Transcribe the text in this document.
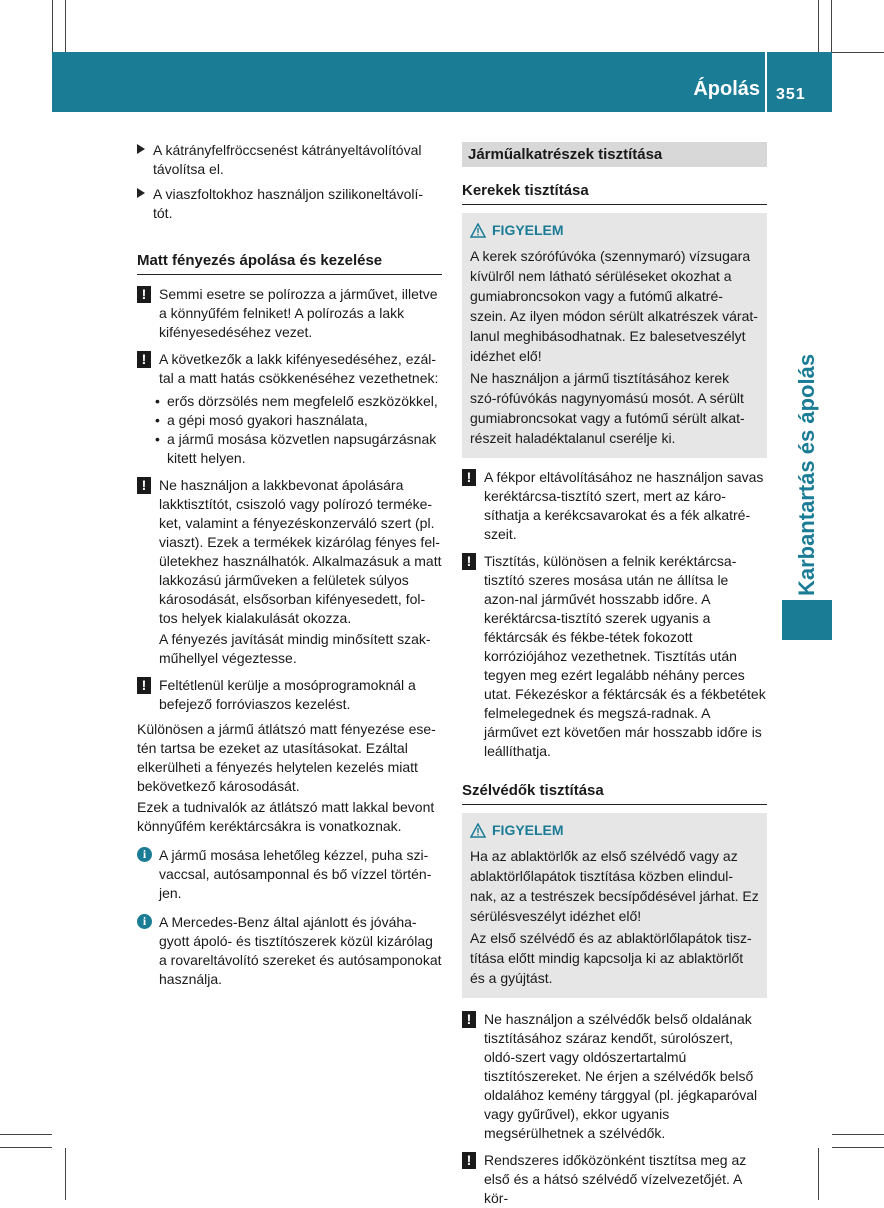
Ápolás 351
Karbantartás és ápolás
A kátrányfelfröccsenést kátrányeltávolítóval távolítsa el.
A viaszfoltokhoz használjon szilikoneltávolí-tót.

Matt fényezés ápolása és kezelése

! Semmi esetre se polírozza a járművet, illetve a könnyűfém felniket! A polírozás a lakk kifényesedéséhez vezet.

! A következők a lakk kifényesedéséhez, ezál-tal a matt hatás csökkenéséhez vezethetnek:

• erős dörzsölés nem megfelelő eszközökkel,
• a gépi mosó gyakori használata,
• a jármű mosása közvetlen napsugárzásnak kitett helyen.
! Ne használjon a lakkbevonat ápolására lakktisztítót, csiszoló vagy polírozó terméke-ket, valamint a fényezéskonzerváló szert (pl. viaszt). Ezek a termékek kizárólag fényes fel-ületekhez használhatók. Alkalmazásuk a matt lakkozású járműveken a felületek súlyos károsodását, elsősorban kifényesedett, fol-tos helyek kialakulását okozza.

A fényezés javítását mindig minősített szak-műhellyel végeztesse.

! Feltétlenül kerülje a mosóprogramoknál a befejező forróviaszos kezelést.

Különösen a jármű átlátszó matt fényezése ese-tén tartsa be ezeket az utasításokat. Ezáltal elkerülheti a fényezés helytelen kezelés miatt bekövetkező károsodását.

Ezek a tudnivalók az átlátszó matt lakkal bevont könnyűfém keréktárcsákra is vonatkoznak.

i A jármű mosása lehetőleg kézzel, puha szi-vaccsal, autósamponnal és bő vízzel történ-jen.

i A Mercedes-Benz által ajánlott és jóváha-gyott ápoló- és tisztítószerek közül kizárólag a rovareltávolító szereket és autósamponokat használja.

Járműalkatrészek tisztítása

Kerekek tisztítása

FIGYELEM

A kerek szórófúvóka (szennymaró) vízsugara kívülről nem látható sérüléseket okozhat a gumiabroncsokon vagy a futómű alkatré-szein. Az ilyen módon sérült alkatrészek várat-lanul meghibásodhatnak. Ez balesetveszélyt idézhet elő!

Ne használjon a jármű tisztításához kerek szó-rófúvókás nagynyomású mosót. A sérült gumiabroncsokat vagy a futómű sérült alkat-részeit haladéktalanul cserélje ki.

! A fékpor eltávolításához ne használjon savas keréktárcsa-tisztító szert, mert az káro-síthatja a kerékcsavarokat és a fék alkatré-szeit.

! Tisztítás, különösen a felnik keréktárcsa-tisztító szeres mosása után ne állítsa le azon-nal járművét hosszabb időre. A keréktárcsa-tisztító szerek ugyanis a féktárcsák és fékbe-tétek fokozott korróziójához vezethetnek. Tisztítás után tegyen meg ezért legalább néhány perces utat. Fékezéskor a féktárcsák és a fékbetétek felmelegednek és megszá-radnak. A járművet ezt követően már hosszabb időre is leállíthatja.

Szélvédők tisztítása

FIGYELEM

Ha az ablaktörlők az első szélvédő vagy az ablaktörlőlapátok tisztítása közben elindul-nak, az a testrészek becsípődésével járhat. Ez sérülésveszélyt idézhet elő!

Az első szélvédő és az ablaktörlőlapátok tisz-títása előtt mindig kapcsolja ki az ablaktörlőt és a gyújtást.

! Ne használjon a szélvédők belső oldalának tisztításához száraz kendőt, súrolószert, oldó-szert vagy oldószertartalmú tisztítószereket. Ne érjen a szélvédők belső oldalához kemény tárggyal (pl. jégkaparóval vagy gyűrűvel), ekkor ugyanis megsérülhetnek a szélvédők.

! Rendszeres időközönként tisztítsa meg az első és a hátsó szélvédő vízelvezetőjét. A kör-
